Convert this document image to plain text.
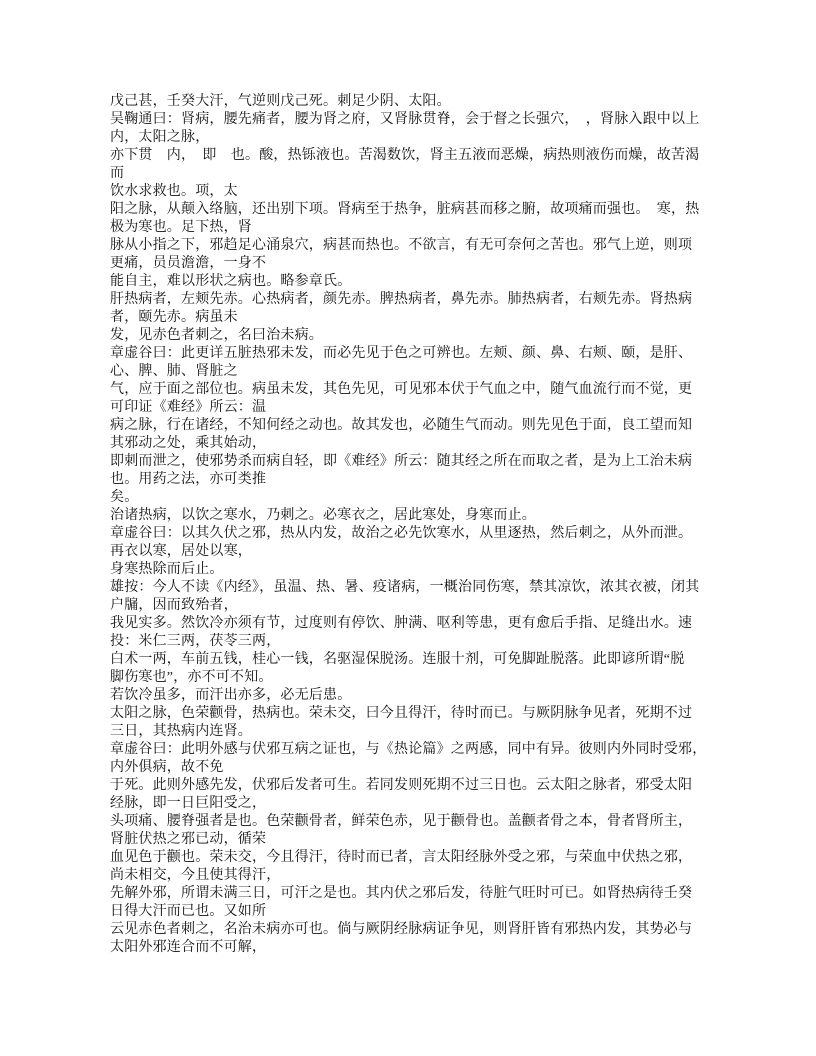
戊己甚，壬癸大汗，气逆则戊己死。刺足少阴、太阳。
吴鞠通曰：肾病，腰先痛者，腰为肾之府，又肾脉贯脊，会于督之长强穴，　，肾脉入跟中以上
内，太阳之脉，
亦下贯　内，　即　也。酸，热铄液也。苦渴数饮，肾主五液而恶燥，病热则液伤而燥，故苦渴而
饮水求救也。项，太
阳之脉，从颠入络脑，还出别下项。肾病至于热争，脏病甚而移之腑，故项痛而强也。　寒，热
极为寒也。足下热，肾
脉从小指之下，邪趋足心涌泉穴，病甚而热也。不欲言，有无可奈何之苦也。邪气上逆，则项
更痛，员员澹澹，一身不
能自主，难以形状之病也。略参章氏。
肝热病者，左颊先赤。心热病者，颜先赤。脾热病者，鼻先赤。肺热病者，右颊先赤。肾热病
者，颐先赤。病虽未
发，见赤色者刺之，名曰治未病。
章虚谷曰：此更详五脏热邪未发，而必先见于色之可辨也。左颊、颜、鼻、右颊、颐，是肝、
心、脾、肺、肾脏之
气，应于面之部位也。病虽未发，其色先见，可见邪本伏于气血之中，随气血流行而不觉，更
可印证《难经》所云：温
病之脉，行在诸经，不知何经之动也。故其发也，必随生气而动。则先见色于面，良工望而知
其邪动之处，乘其始动，
即刺而泄之，使邪势杀而病自轻，即《难经》所云：随其经之所在而取之者，是为上工治未病
也。用药之法，亦可类推
矣。
治诸热病，以饮之寒水，乃刺之。必寒衣之，居此寒处，身寒而止。
章虚谷曰：以其久伏之邪，热从内发，故治之必先饮寒水，从里逐热，然后刺之，从外而泄。
再衣以寒，居处以寒，
身寒热除而后止。
雄按：今人不读《内经》，虽温、热、暑、疫诸病，一概治同伤寒，禁其凉饮，浓其衣被，闭其
户牖，因而致殆者，
我见实多。然饮冷亦须有节，过度则有停饮、肿满、呕利等患，更有愈后手指、足缝出水。速
投：米仁三两，茯苓三两，
白术一两，车前五钱，桂心一钱，名驱湿保脱汤。连服十剂，可免脚趾脱落。此即谚所谓“脱
脚伤寒也”，亦不可不知。
若饮冷虽多，而汗出亦多，必无后患。
太阳之脉，色荣颧骨，热病也。荣未交，曰今且得汗，待时而已。与厥阴脉争见者，死期不过
三日，其热病内连肾。
章虚谷曰：此明外感与伏邪互病之证也，与《热论篇》之两感，同中有异。彼则内外同时受邪，
内外俱病，故不免
于死。此则外感先发，伏邪后发者可生。若同发则死期不过三日也。云太阳之脉者，邪受太阳
经脉，即一日巨阳受之，
头项痛、腰脊强者是也。色荣颧骨者，鲜荣色赤，见于颧骨也。盖颧者骨之本，骨者肾所主，
肾脏伏热之邪已动，循荣
血见色于颧也。荣未交，今且得汗，待时而已者，言太阳经脉外受之邪，与荣血中伏热之邪，
尚未相交，今且使其得汗，
先解外邪，所谓未满三日，可汗之是也。其内伏之邪后发，待脏气旺时可已。如肾热病待壬癸
日得大汗而已也。又如所
云见赤色者刺之，名治未病亦可也。倘与厥阴经脉病证争见，则肾肝皆有邪热内发，其势必与
太阳外邪连合而不可解，
